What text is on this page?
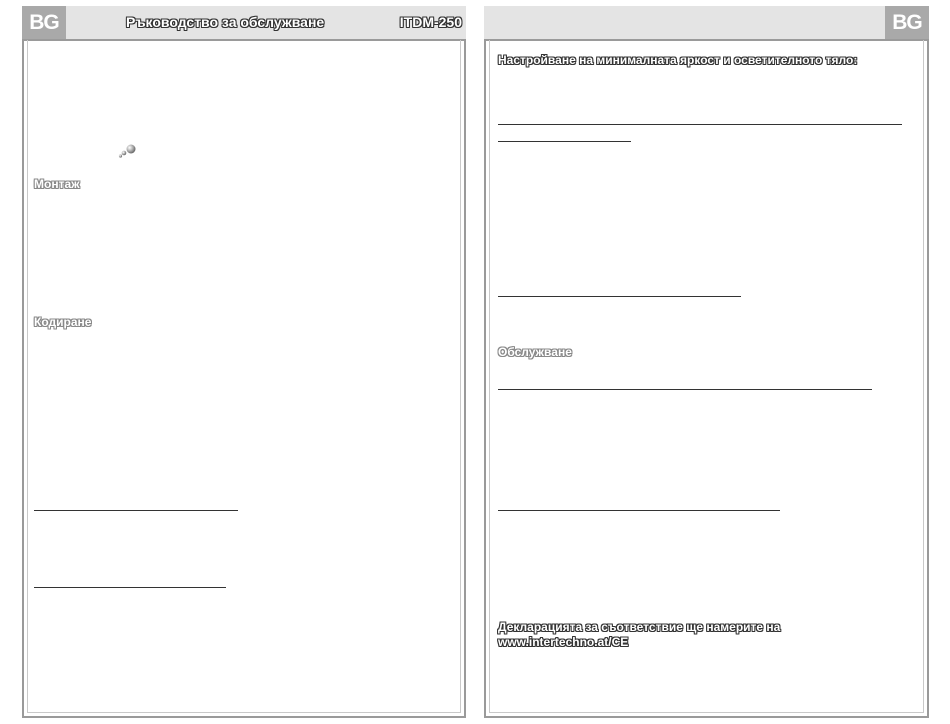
BG	Ръководство за обслужване	ITDM-250
Монтаж
Кодиране
BG
Настройване на минималната яркост и осветителното тяло:
Обслужване
Декларацията за съответствие ще намерите на
www.intertechno.at/CE
